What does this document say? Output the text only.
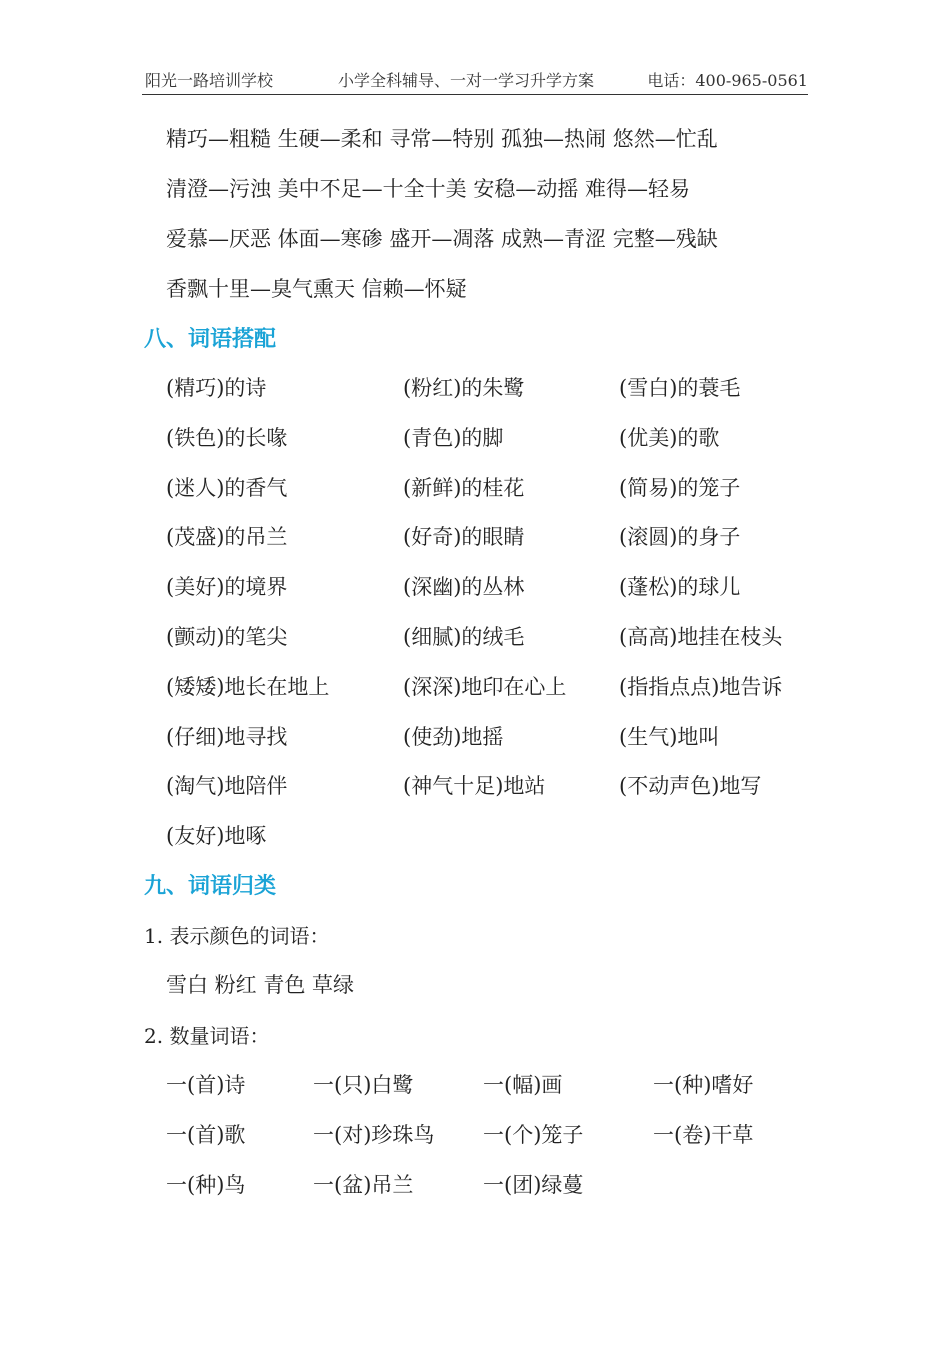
阳光一路培训学校	小学全科辅导、一对一学习升学方案	电话：400-965-0561
精巧—粗糙 生硬—柔和 寻常—特别 孤独—热闹 悠然—忙乱
清澄—污浊 美中不足—十全十美 安稳—动摇 难得—轻易
爱慕—厌恶 体面—寒碜 盛开—凋落 成熟—青涩 完整—残缺
香飘十里—臭气熏天 信赖—怀疑
八、词语搭配
(精巧)的诗	(粉红)的朱鹭	(雪白)的蓑毛
(铁色)的长喙	(青色)的脚	(优美)的歌
(迷人)的香气	(新鲜)的桂花	(简易)的笼子
(茂盛)的吊兰	(好奇)的眼睛	(滚圆)的身子
(美好)的境界	(深幽)的丛林	(蓬松)的球儿
(颤动)的笔尖	(细腻)的绒毛	(高高)地挂在枝头
(矮矮)地长在地上	(深深)地印在心上	(指指点点)地告诉
(仔细)地寻找	(使劲)地摇	(生气)地叫
(淘气)地陪伴	(神气十足)地站	(不动声色)地写
(友好)地啄
九、词语归类
1. 表示颜色的词语：
雪白 粉红 青色 草绿
2. 数量词语：
一(首)诗	一(只)白鹭	一(幅)画	一(种)嗜好
一(首)歌	一(对)珍珠鸟 一(个)笼子	一(卷)干草
一(种)鸟	一(盆)吊兰	一(团)绿蔓
